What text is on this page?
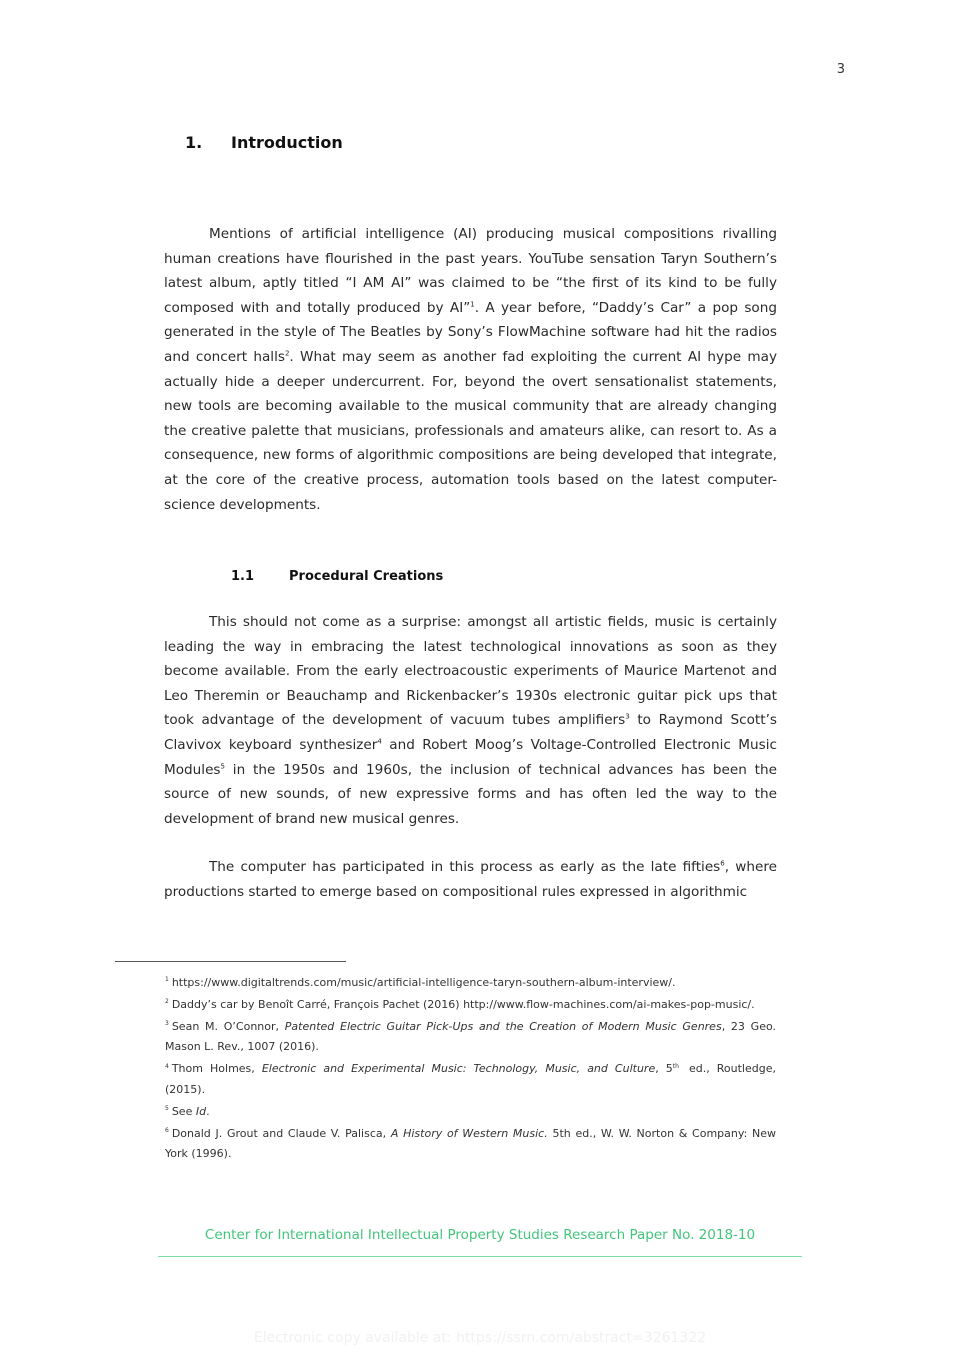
3
1. Introduction

Mentions of artificial intelligence (AI) producing musical compositions rivalling human creations have flourished in the past years. YouTube sensation Taryn Southern’s latest album, aptly titled “I AM AI” was claimed to be “the first of its kind to be fully composed with and totally produced by AI”$^1$. A year before, “Daddy’s Car” a pop song generated in the style of The Beatles by Sony’s FlowMachine software had hit the radios and concert halls$^2$. What may seem as another fad exploiting the current AI hype may actually hide a deeper undercurrent. For, beyond the overt sensationalist statements, new tools are becoming available to the musical community that are already changing the creative palette that musicians, professionals and amateurs alike, can resort to. As a consequence, new forms of algorithmic compositions are being developed that integrate, at the core of the creative process, automation tools based on the latest computer-science developments.

1.1	Procedural Creations

This should not come as a surprise: amongst all artistic fields, music is certainly leading the way in embracing the latest technological innovations as soon as they become available. From the early electroacoustic experiments of Maurice Martenot and Leo Theremin or Beauchamp and Rickenbacker’s 1930s electronic guitar pick ups that took advantage of the development of vacuum tubes amplifiers$^3$ to Raymond Scott’s Clavivox keyboard synthesizer$^4$ and Robert Moog’s Voltage-Controlled Electronic Music Modules$^5$ in the 1950s and 1960s, the inclusion of technical advances has been the source of new sounds, of new expressive forms and has often led the way to the development of brand new musical genres.

The computer has participated in this process as early as the late fifties$^6$, where productions started to emerge based on compositional rules expressed in algorithmic

$^1$ https://www.digitaltrends.com/music/artificial-intelligence-taryn-southern-album-interview/.

$^2$ Daddy’s car by Benoît Carré, François Pachet (2016) http://www.flow-machines.com/ai-makes-pop-music/.

$^3$ Sean M. O’Connor, Patented Electric Guitar Pick-Ups and the Creation of Modern Music Genres, 23 Geo. Mason L. Rev., 1007 (2016).

$^4$ Thom Holmes, Electronic and Experimental Music: Technology, Music, and Culture, 5th ed., Routledge, (2015).

$^5$ See Id.

$^6$ Donald J. Grout and Claude V. Palisca, A History of Western Music. 5th ed., W. W. Norton & Company: New York (1996).

Center for International Intellectual Property Studies Research Paper No. 2018-10
Electronic copy available at: https://ssrn.com/abstract=3261322
